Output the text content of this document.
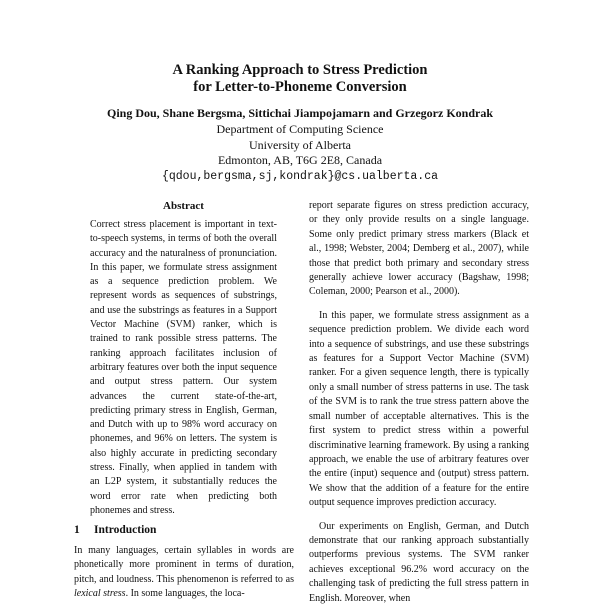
A Ranking Approach to Stress Prediction
for Letter-to-Phoneme Conversion
Qing Dou, Shane Bergsma, Sittichai Jiampojamarn and Grzegorz Kondrak
Department of Computing Science
University of Alberta
Edmonton, AB, T6G 2E8, Canada
{qdou,bergsma,sj,kondrak}@cs.ualberta.ca
Abstract

Correct stress placement is important in text-to-speech systems, in terms of both the overall accuracy and the naturalness of pronunciation. In this paper, we formulate stress assignment as a sequence prediction problem. We represent words as sequences of substrings, and use the substrings as features in a Support Vector Machine (SVM) ranker, which is trained to rank possible stress patterns. The ranking approach facilitates inclusion of arbitrary features over both the input sequence and output stress pattern. Our system advances the current state-of-the-art, predicting primary stress in English, German, and Dutch with up to 98% word accuracy on phonemes, and 96% on letters. The system is also highly accurate in predicting secondary stress. Finally, when applied in tandem with an L2P system, it substantially reduces the word error rate when predicting both phonemes and stress.

1 Introduction

In many languages, certain syllables in words are phonetically more prominent in terms of duration, pitch, and loudness. This phenomenon is referred to as lexical stress. In some languages, the loca-

report separate figures on stress prediction accuracy, or they only provide results on a single language. Some only predict primary stress markers (Black et al., 1998; Webster, 2004; Demberg et al., 2007), while those that predict both primary and secondary stress generally achieve lower accuracy (Bagshaw, 1998; Coleman, 2000; Pearson et al., 2000).

In this paper, we formulate stress assignment as a sequence prediction problem. We divide each word into a sequence of substrings, and use these substrings as features for a Support Vector Machine (SVM) ranker. For a given sequence length, there is typically only a small number of stress patterns in use. The task of the SVM is to rank the true stress pattern above the small number of acceptable alternatives. This is the first system to predict stress within a powerful discriminative learning framework. By using a ranking approach, we enable the use of arbitrary features over the entire (input) sequence and (output) stress pattern. We show that the addition of a feature for the entire output sequence improves prediction accuracy.

Our experiments on English, German, and Dutch demonstrate that our ranking approach substantially outperforms previous systems. The SVM ranker achieves exceptional 96.2% word accuracy on the challenging task of predicting the full stress pattern in English. Moreover, when
